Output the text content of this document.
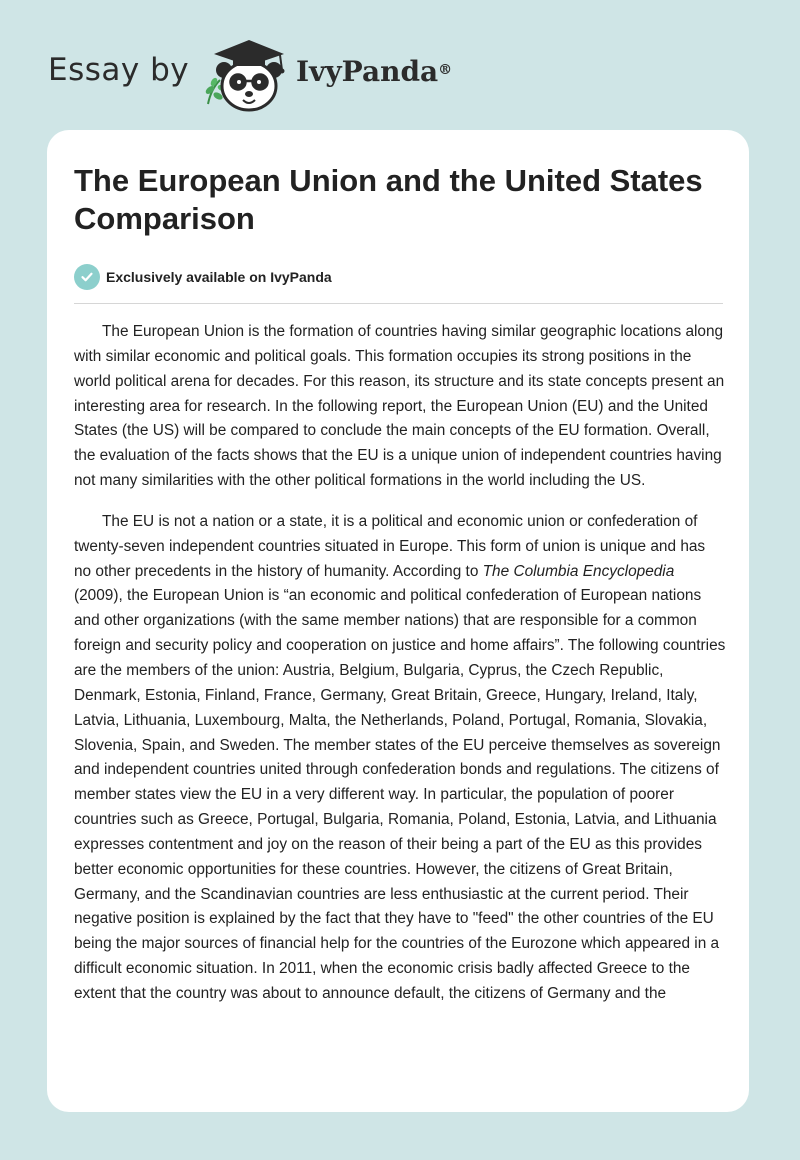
Essay by	IvyPanda®
The European Union and the United States Comparison
Exclusively available on IvyPanda

The European Union is the formation of countries having similar geographic locations along with similar economic and political goals. This formation occupies its strong positions in the world political arena for decades. For this reason, its structure and its state concepts present an interesting area for research. In the following report, the European Union (EU) and the United States (the US) will be compared to conclude the main concepts of the EU formation. Overall, the evaluation of the facts shows that the EU is a unique union of independent countries having not many similarities with the other political formations in the world including the US.

The EU is not a nation or a state, it is a political and economic union or confederation of twenty-seven independent countries situated in Europe. This form of union is unique and has no other precedents in the history of humanity. According to The Columbia Encyclopedia (2009), the European Union is “an economic and political confederation of European nations and other organizations (with the same member nations) that are responsible for a common foreign and security policy and cooperation on justice and home affairs”. The following countries are the members of the union: Austria, Belgium, Bulgaria, Cyprus, the Czech Republic, Denmark, Estonia, Finland, France, Germany, Great Britain, Greece, Hungary, Ireland, Italy, Latvia, Lithuania, Luxembourg, Malta, the Netherlands, Poland, Portugal, Romania, Slovakia, Slovenia, Spain, and Sweden. The member states of the EU perceive themselves as sovereign and independent countries united through confederation bonds and regulations. The citizens of member states view the EU in a very different way. In particular, the population of poorer countries such as Greece, Portugal, Bulgaria, Romania, Poland, Estonia, Latvia, and Lithuania expresses contentment and joy on the reason of their being a part of the EU as this provides better economic opportunities for these countries. However, the citizens of Great Britain, Germany, and the Scandinavian countries are less enthusiastic at the current period. Their negative position is explained by the fact that they have to "feed" the other countries of the EU being the major sources of financial help for the countries of the Eurozone which appeared in a difficult economic situation. In 2011, when the economic crisis badly affected Greece to the extent that the country was about to announce default, the citizens of Germany and the
